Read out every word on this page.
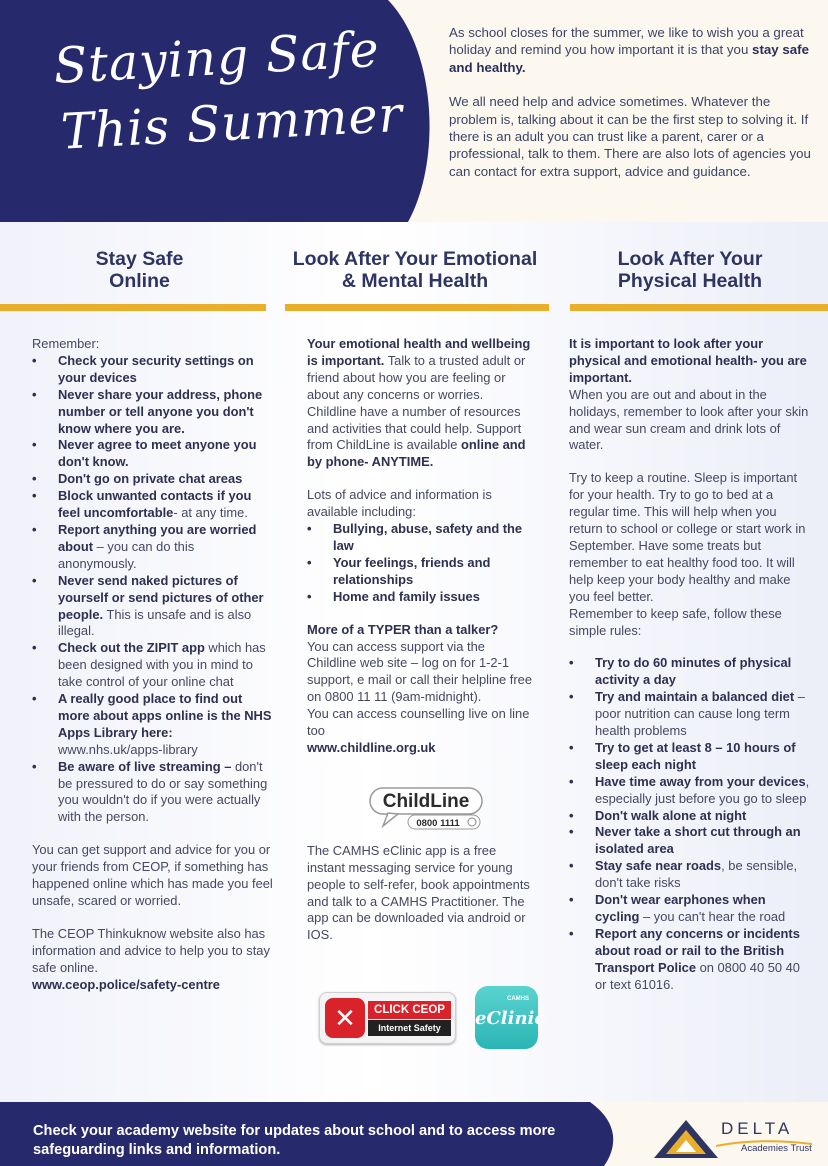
Staying Safe
This Summer

As school closes for the summer, we like to wish you a great holiday and remind you how important it is that you stay safe and healthy.

We all need help and advice sometimes. Whatever the problem is, talking about it can be the first step to solving it. If there is an adult you can trust like a parent, carer or a professional, talk to them. There are also lots of agencies you can contact for extra support, advice and guidance.

Stay Safe
Online
Look After Your Emotional
& Mental Health
Look After Your
Physical Health

Remember:

• Check your security settings on your devices
• Never share your address, phone number or tell anyone you don't know where you are.
• Never agree to meet anyone you don't know.
• Don't go on private chat areas
• Block unwanted contacts if you feel uncomfortable- at any time.
• Report anything you are worried about – you can do this anonymously.
• Never send naked pictures of yourself or send pictures of other people. This is unsafe and is also illegal.
• Check out the ZIPIT app which has been designed with you in mind to take control of your online chat
• A really good place to find out more about apps online is the NHS Apps Library here: www.nhs.uk/apps-library
• Be aware of live streaming – don't be pressured to do or say something you wouldn't do if you were actually with the person.

You can get support and advice for you or your friends from CEOP, if something has happened online which has made you feel unsafe, scared or worried.

The CEOP Thinkuknow website also has information and advice to help you to stay safe online.

www.ceop.police/safety-centre

Your emotional health and wellbeing is important. Talk to a trusted adult or friend about how you are feeling or about any concerns or worries.

Childline have a number of resources and activities that could help. Support from ChildLine is available online and by phone- ANYTIME.

Lots of advice and information is available including:

• Bullying, abuse, safety and the law
• Your feelings, friends and relationships
• Home and family issues

More of a TYPER than a talker?

You can access support via the Childline web site – log on for 1-2-1 support, e mail or call their helpline free on 0800 11 11 (9am-midnight).

You can access counselling live on line too

www.childline.org.uk

The CAMHS eClinic app is a free instant messaging service for young people to self-refer, book appointments and talk to a CAMHS Practitioner. The app can be downloaded via android or IOS.

ChildLine
0800 1111
✕	CLICK CEOP
Internet Safety
CAMHS
eClinic

It is important to look after your physical and emotional health- you are important.

When you are out and about in the holidays, remember to look after your skin and wear sun cream and drink lots of water.

Try to keep a routine. Sleep is important for your health. Try to go to bed at a regular time. This will help when you return to school or college or start work in September. Have some treats but remember to eat healthy food too. It will help keep your body healthy and make you feel better.

Remember to keep safe, follow these simple rules:

• Try to do 60 minutes of physical activity a day
• Try and maintain a balanced diet – poor nutrition can cause long term health problems
• Try to get at least 8 – 10 hours of sleep each night
• Have time away from your devices, especially just before you go to sleep
• Don't walk alone at night
• Never take a short cut through an isolated area
• Stay safe near roads, be sensible, don't take risks
• Don't wear earphones when cycling – you can't hear the road
• Report any concerns or incidents about road or rail to the British Transport Police on 0800 40 50 40 or text 61016.
Check your academy website for updates about school and to access more safeguarding links and information.
DELTA
Academies Trust
